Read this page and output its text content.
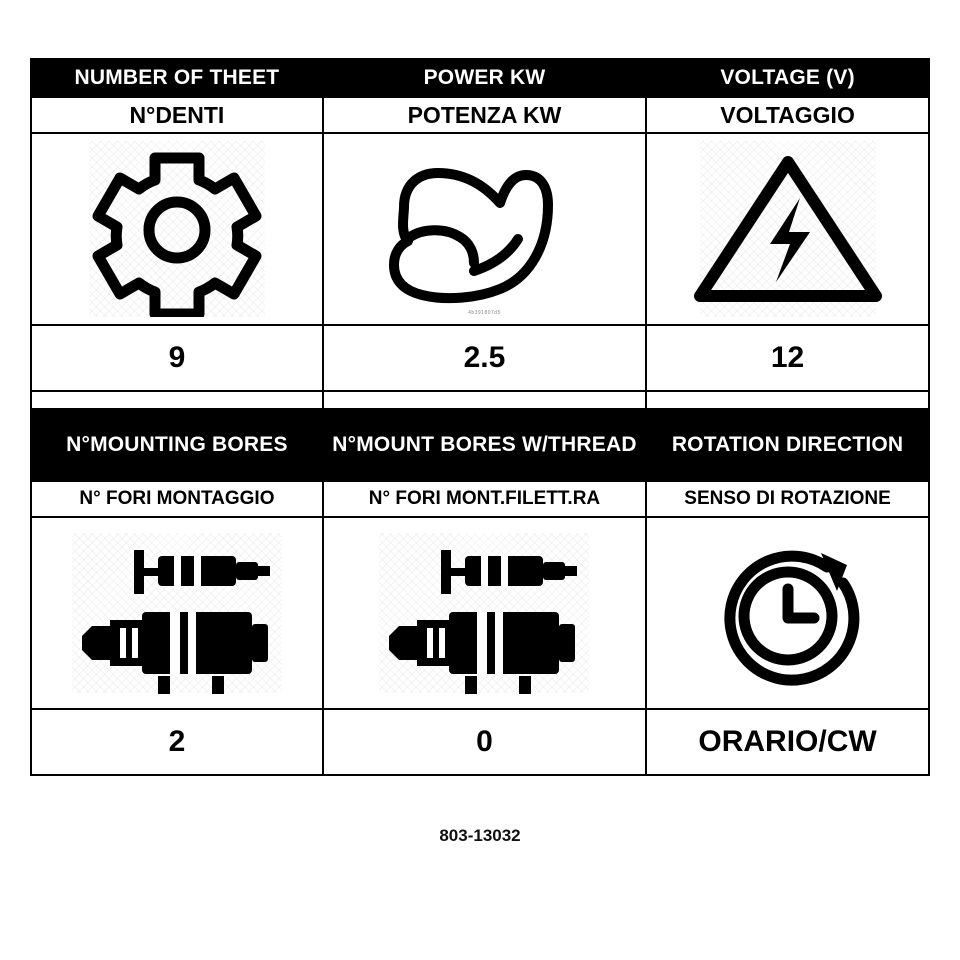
NUMBER OF THEET	POWER KW	VOLTAGE (V)
N°DENTI	POTENZA KW	VOLTAGGIO

4b391807d5

9	2.5	12

N°MOUNTING BORES	N°MOUNT BORES W/THREAD	ROTATION DIRECTION
N° FORI MONTAGGIO	N° FORI MONT.FILETT.RA	SENSO DI ROTAZIONE

2	0	ORARIO/CW
803-13032
